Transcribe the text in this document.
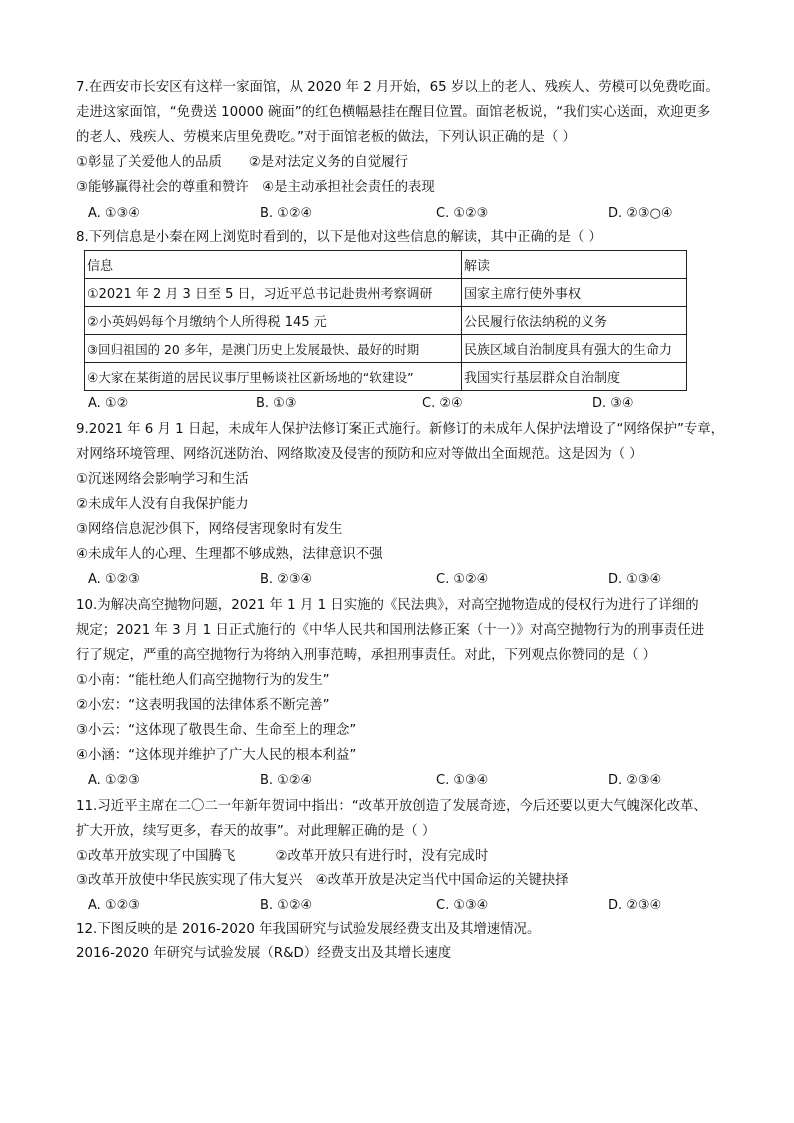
7.在西安市长安区有这样一家面馆，从 2020 年 2 月开始，65 岁以上的老人、残疾人、劳模可以免费吃面。
走进这家面馆，“免费送 10000 碗面”的红色横幅悬挂在醒目位置。面馆老板说，“我们实心送面，欢迎更多
的老人、残疾人、劳模来店里免费吃。”对于面馆老板的做法，下列认识正确的是（ ）
①彰显了关爱他人的品质　　②是对法定义务的自觉履行
③能够赢得社会的尊重和赞许　④是主动承担社会责任的表现
A. ①③④	B. ①②④	C. ①②③	D. ②③○④
8.下列信息是小秦在网上浏览时看到的，以下是他对这些信息的解读，其中正确的是（ ）
信息	解读
①2021 年 2 月 3 日至 5 日，习近平总书记赴贵州考察调研	国家主席行使外事权
②小英妈妈每个月缴纳个人所得税 145 元	公民履行依法纳税的义务
③回归祖国的 20 多年，是澳门历史上发展最快、最好的时期	民族区域自治制度具有强大的生命力
④大家在某街道的居民议事厅里畅谈社区新场地的“软建设”	我国实行基层群众自治制度
A. ①②	B. ①③	C. ②④	D. ③④
9.2021 年 6 月 1 日起，未成年人保护法修订案正式施行。新修订的未成年人保护法增设了“网络保护”专章，
对网络环境管理、网络沉迷防治、网络欺凌及侵害的预防和应对等做出全面规范。这是因为（ ）
①沉迷网络会影响学习和生活
②未成年人没有自我保护能力
③网络信息泥沙俱下，网络侵害现象时有发生
④未成年人的心理、生理都不够成熟，法律意识不强
A. ①②③	B. ②③④	C. ①②④	D. ①③④
10.为解决高空抛物问题，2021 年 1 月 1 日实施的《民法典》，对高空抛物造成的侵权行为进行了详细的
规定；2021 年 3 月 1 日正式施行的《中华人民共和国刑法修正案（十一）》对高空抛物行为的刑事责任进
行了规定，严重的高空抛物行为将纳入刑事范畴，承担刑事责任。对此，下列观点你赞同的是（ ）
①小南：“能杜绝人们高空抛物行为的发生”
②小宏：“这表明我国的法律体系不断完善”
③小云：“这体现了敬畏生命、生命至上的理念”
④小涵：“这体现并维护了广大人民的根本利益”
A. ①②③	B. ①②④	C. ①③④	D. ②③④
11.习近平主席在二〇二一年新年贺词中指出：“改革开放创造了发展奇迹，今后还要以更大气魄深化改革、
扩大开放，续写更多，春天的故事”。对此理解正确的是（ ）
①改革开放实现了中国腾飞　　　②改革开放只有进行时，没有完成时
③改革开放使中华民族实现了伟大复兴　④改革开放是决定当代中国命运的关键抉择
A. ①②③	B. ①②④	C. ①③④	D. ②③④
12.下图反映的是 2016-2020 年我国研究与试验发展经费支出及其增速情况。
2016-2020 年研究与试验发展（R&D）经费支出及其增长速度
